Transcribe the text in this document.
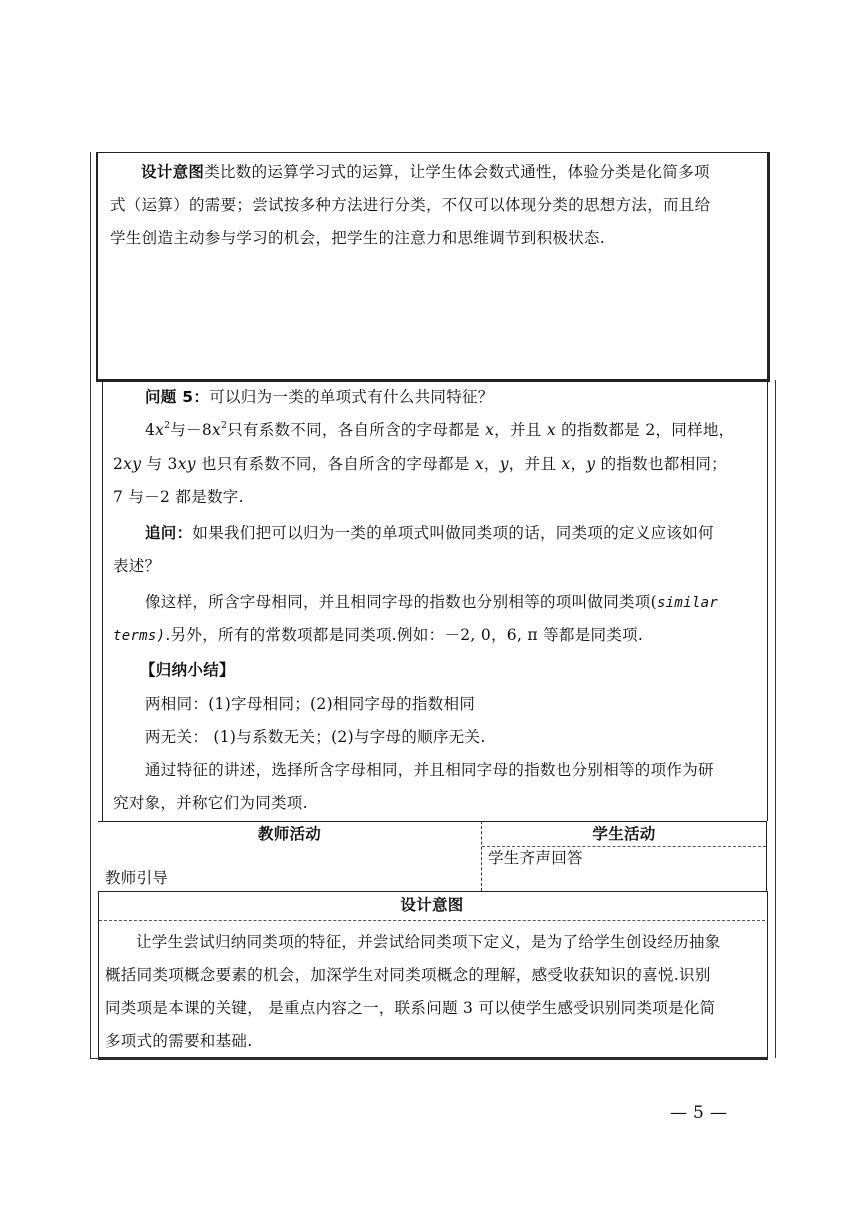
设计意图类比数的运算学习式的运算，让学生体会数式通性，体验分类是化简多项
式（运算）的需要；尝试按多种方法进行分类，不仅可以体现分类的思想方法，而且给
学生创造主动参与学习的机会，把学生的注意力和思维调节到积极状态.
问题 5：可以归为一类的单项式有什么共同特征？
$4x^2$与$-8x^2$只有系数不同，各自所含的字母都是 x，并且 x 的指数都是 2，同样地，
2xy 与 3xy 也只有系数不同，各自所含的字母都是 x，y，并且 x，y 的指数也都相同；
7 与－2 都是数字.
追问：如果我们把可以归为一类的单项式叫做同类项的话，同类项的定义应该如何
表述？
像这样，所含字母相同，并且相同字母的指数也分别相等的项叫做同类项(similar
terms).另外，所有的常数项都是同类项.例如：－2, 0，6, π 等都是同类项.
【归纳小结】
两相同：(1)字母相同；(2)相同字母的指数相同
两无关： (1)与系数无关；(2)与字母的顺序无关.
通过特征的讲述，选择所含字母相同，并且相同字母的指数也分别相等的项作为研
究对象，并称它们为同类项.
教师活动	学生活动
教师引导
学生齐声回答
设计意图
让学生尝试归纳同类项的特征，并尝试给同类项下定义，是为了给学生创设经历抽象
概括同类项概念要素的机会，加深学生对同类项概念的理解，感受收获知识的喜悦.识别
同类项是本课的关键， 是重点内容之一，联系问题 3 可以使学生感受识别同类项是化简
多项式的需要和基础.
— 5 —
